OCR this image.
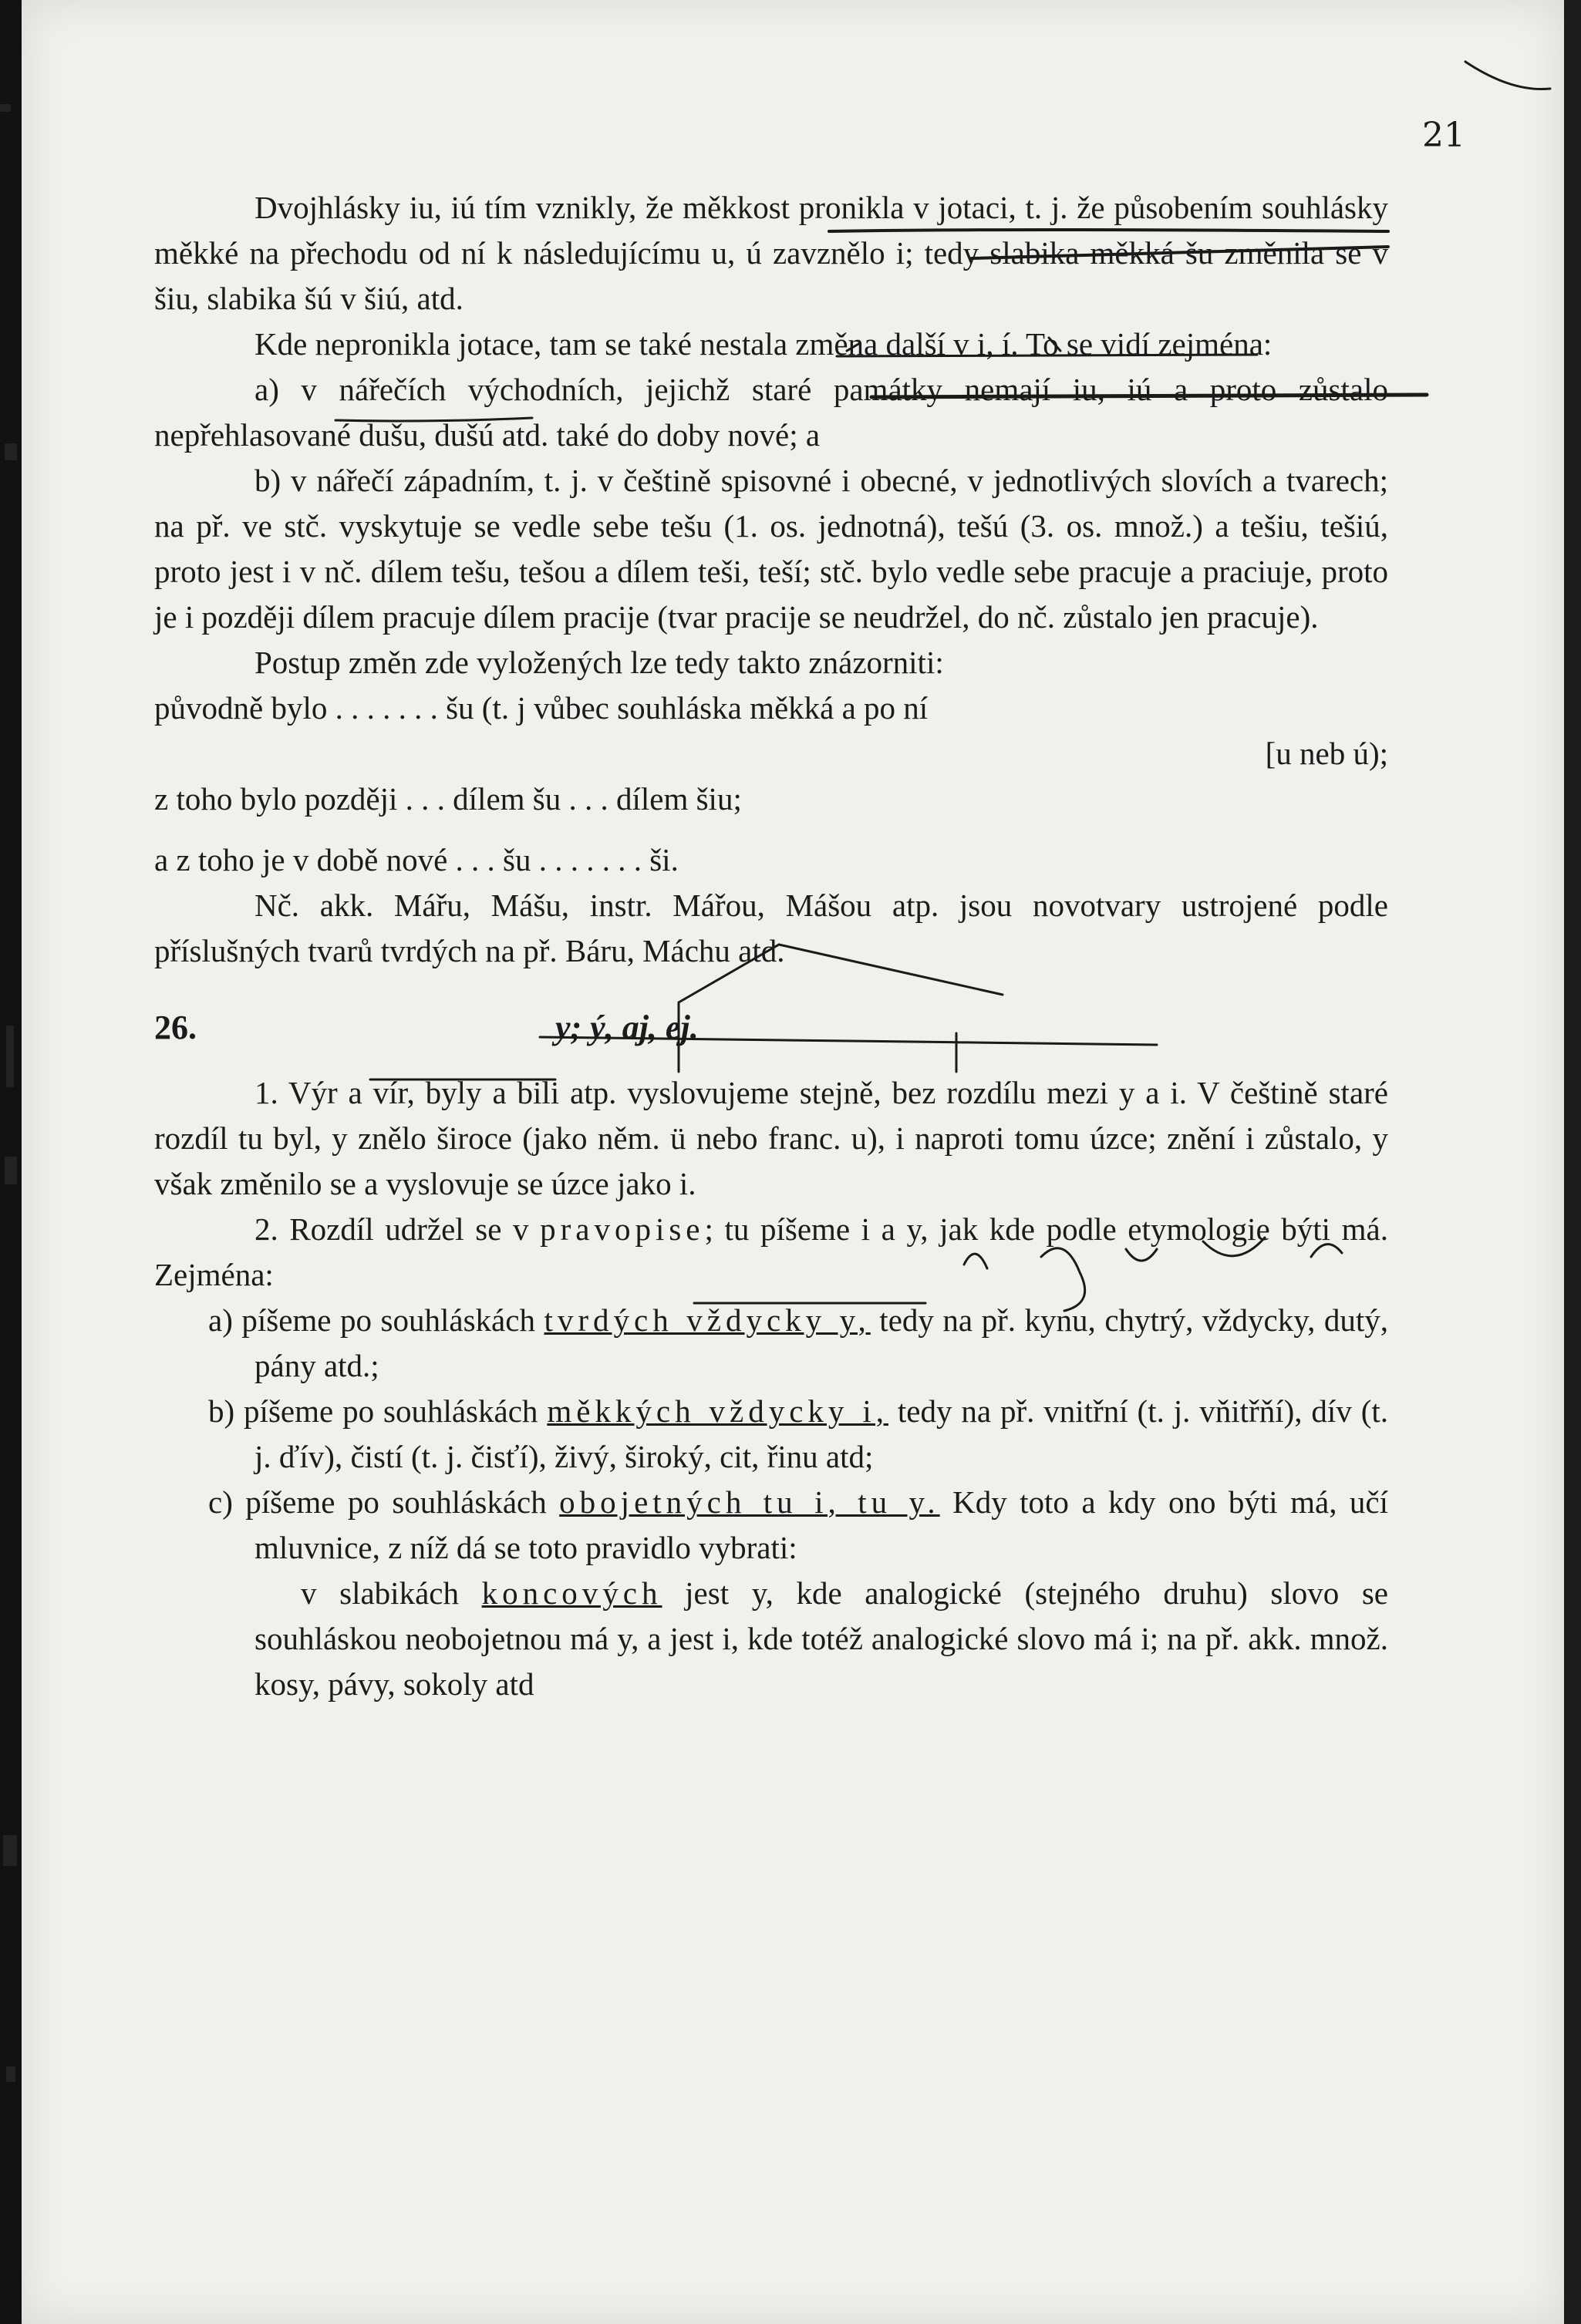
21

Dvojhlásky iu, iú tím vznikly, že měkkost pronikla v jotaci, t. j. že působením souhlásky měkké na přechodu od ní k následujícímu u, ú zavznělo i; tedy slabika měkká šu změnila se v šiu, slabika šú v šiú, atd.

Kde nepronikla jotace, tam se také nestala změna další v i, í. To se vidí zejména:

a) v nářečích východních, jejichž staré památky nemají iu, iú a proto zůstalo nepřehlasované dušu, dušú atd. také do doby nové; a

b) v nářečí západním, t. j. v češtině spisovné i obecné, v jednotlivých slovích a tvarech; na př. ve stč. vyskytuje se vedle sebe tešu (1. os. jednotná), tešú (3. os. množ.) a tešiu, tešiú, proto jest i v nč. dílem tešu, tešou a dílem teši, teší; stč. bylo vedle sebe pracuje a praciuje, proto je i později dílem pracuje dílem pracije (tvar pracije se neudržel, do nč. zůstalo jen pracuje).

Postup změn zde vyložených lze tedy takto znázorniti:

původně bylo . . . . . . . šu (t. j vůbec souhláska měkká a po ní
[u neb ú);
z toho bylo později . . . dílem šu . . . dílem šiu;
a z toho je v době nové . . . šu . . . . . . . ši.

Nč. akk. Mářu, Mášu, instr. Mářou, Mášou atp. jsou novotvary ustrojené podle příslušných tvarů tvrdých na př. Báru, Máchu atd.

26.	y; ý, aj, ej.

1. Výr a vír, byly a bili atp. vyslovujeme stejně, bez rozdílu mezi y a i. V češtině staré rozdíl tu byl, y znělo široce (jako něm. ü nebo franc. u), i naproti tomu úzce; znění i zůstalo, y však změnilo se a vyslovuje se úzce jako i.

2. Rozdíl udržel se v pravopise; tu píšeme i a y, jak kde podle etymologie býti má. Zejména:

a) píšeme po souhláskách tvrdých vždycky y, tedy na př. kynu, chytrý, vždycky, dutý, pány atd.;

b) píšeme po souhláskách měkkých vždycky i, tedy na př. vnitřní (t. j. vňitřňí), dív (t. j. ďív), čistí (t. j. čisťí), živý, široký, cit, řinu atd;

c) píšeme po souhláskách obojetných tu i, tu y. Kdy toto a kdy ono býti má, učí mluvnice, z níž dá se toto pravidlo vybrati:

v slabikách koncových jest y, kde analogické (stejného druhu) slovo se souhláskou neobojetnou má y, a jest i, kde totéž analogické slovo má i; na př. akk. množ. kosy, pávy, sokoly atd
